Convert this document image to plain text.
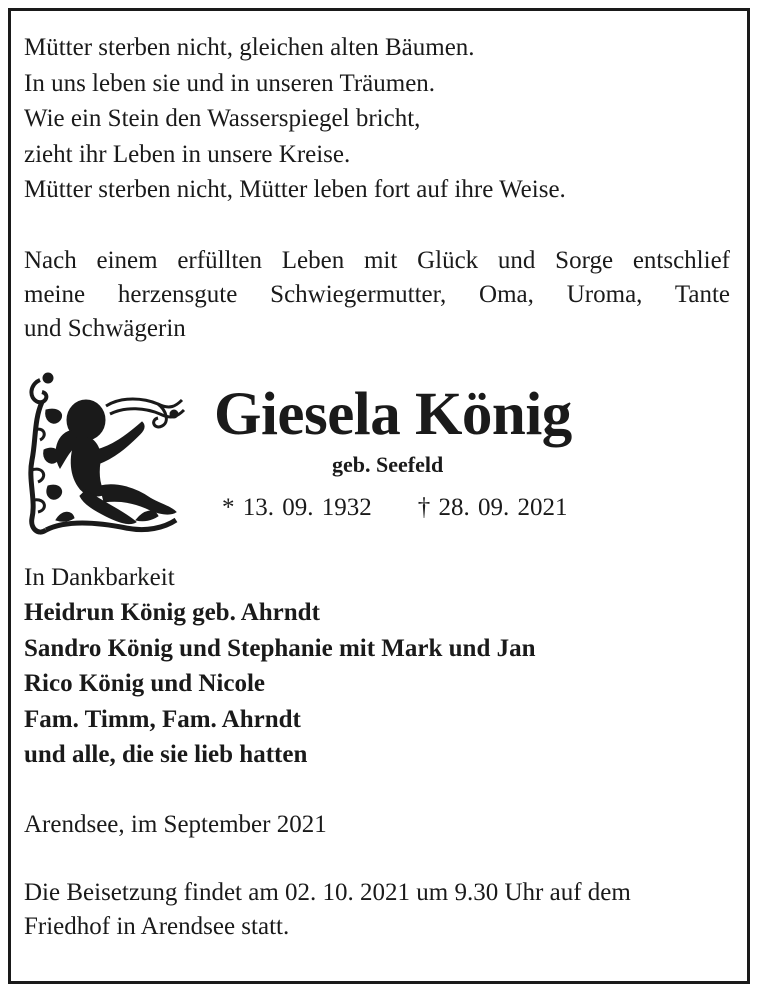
Mütter sterben nicht, gleichen alten Bäumen.

In uns leben sie und in unseren Träumen.

Wie ein Stein den Wasserspiegel bricht,

zieht ihr Leben in unsere Kreise.

Mütter sterben nicht, Mütter leben fort auf ihre Weise.

Nach einem erfüllten Leben mit Glück und Sorge entschlief

meine herzensgute Schwiegermutter, Oma, Uroma, Tante

und Schwägerin

Giesela König
geb. Seefeld
* 13. 09. 1932 † 28. 09. 2021

In Dankbarkeit

Heidrun König geb. Ahrndt

Sandro König und Stephanie mit Mark und Jan

Rico König und Nicole

Fam. Timm, Fam. Ahrndt

und alle, die sie lieb hatten

Arendsee, im September 2021

Die Beisetzung findet am 02. 10. 2021 um 9.30 Uhr auf dem

Friedhof in Arendsee statt.
